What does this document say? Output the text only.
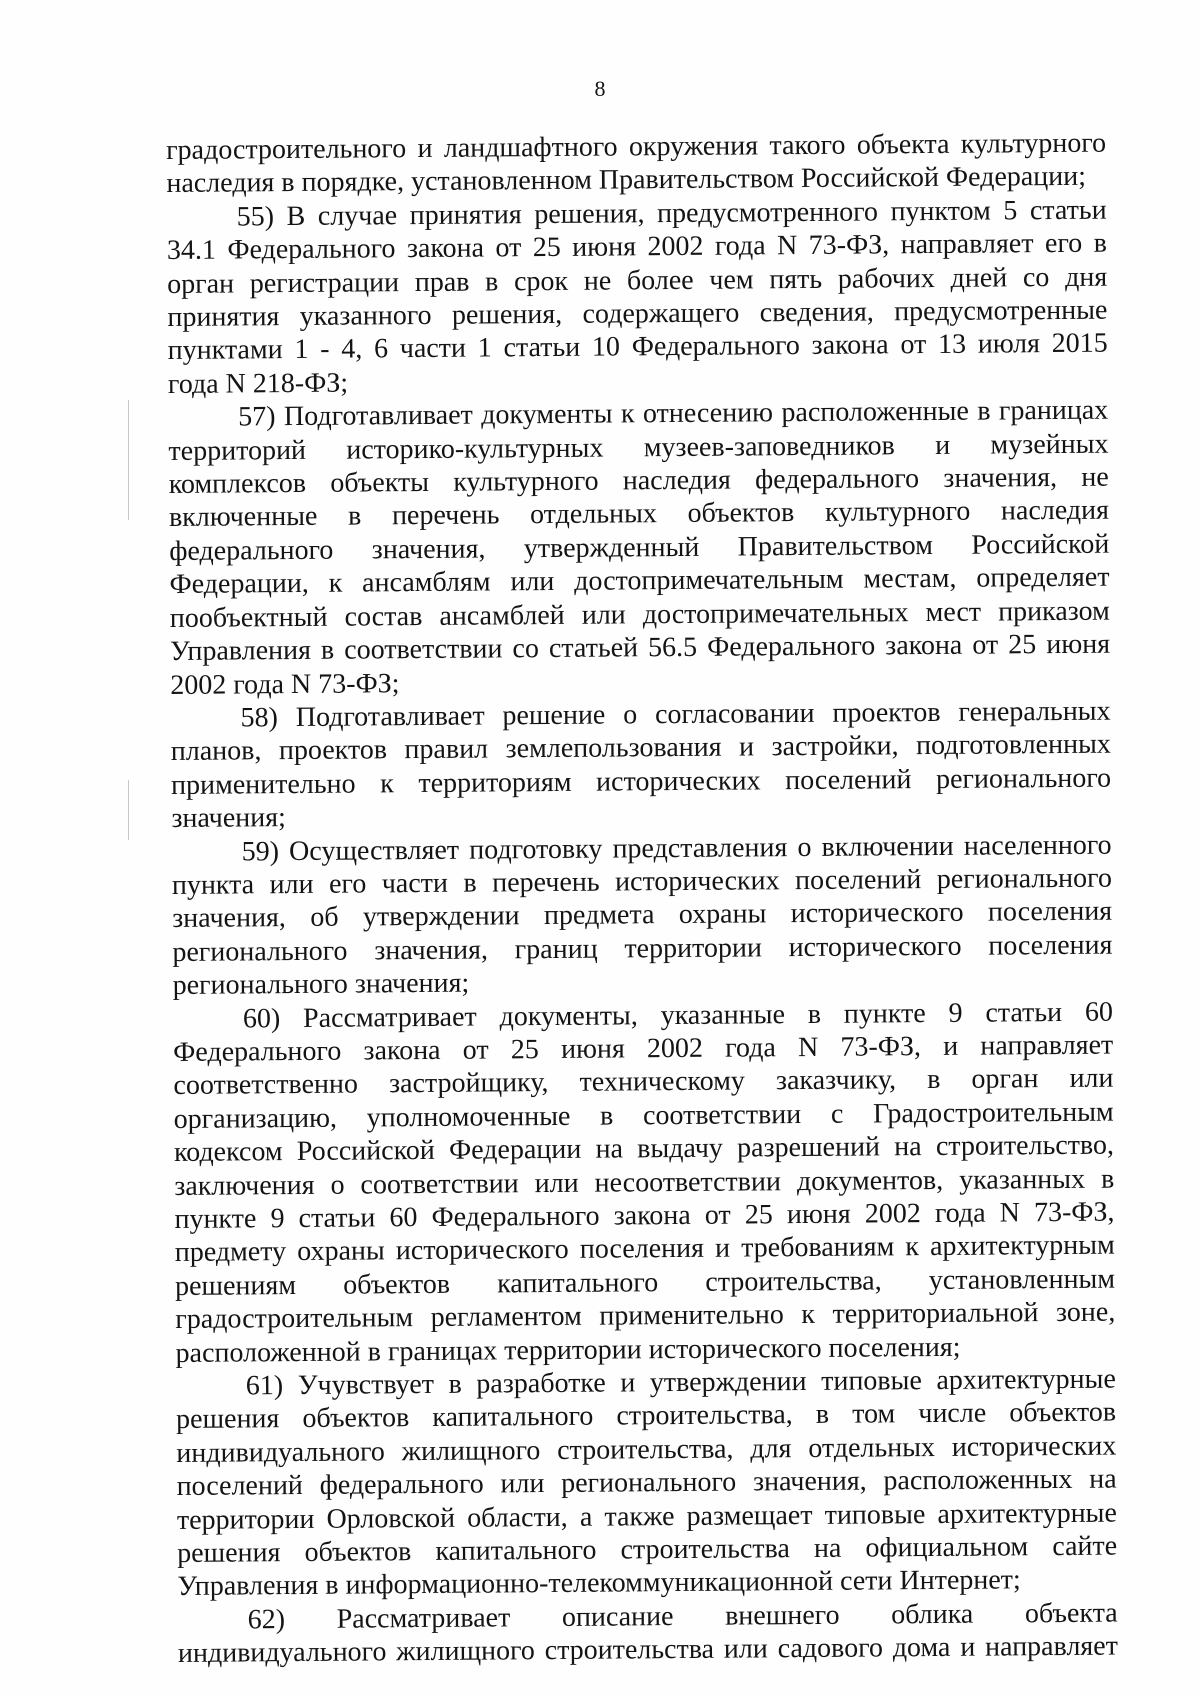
8
градостроительного и ландшафтного окружения такого объекта культурного
наследия в порядке, установленном Правительством Российской Федерации;
55) В случае принятия решения, предусмотренного пунктом 5 статьи
34.1 Федерального закона от 25 июня 2002 года N 73-ФЗ, направляет его в
орган регистрации прав в срок не более чем пять рабочих дней со дня
принятия указанного решения, содержащего сведения, предусмотренные
пунктами 1 - 4, 6 части 1 статьи 10 Федерального закона от 13 июля 2015
года N 218-ФЗ;
57) Подготавливает документы к отнесению расположенные в границах
территорий историко-культурных музеев-заповедников и музейных
комплексов объекты культурного наследия федерального значения, не
включенные в перечень отдельных объектов культурного наследия
федерального значения, утвержденный Правительством Российской
Федерации, к ансамблям или достопримечательным местам, определяет
пообъектный состав ансамблей или достопримечательных мест приказом
Управления в соответствии со статьей 56.5 Федерального закона от 25 июня
2002 года N 73-ФЗ;
58) Подготавливает решение о согласовании проектов генеральных
планов, проектов правил землепользования и застройки, подготовленных
применительно к территориям исторических поселений регионального
значения;
59) Осуществляет подготовку представления о включении населенного
пункта или его части в перечень исторических поселений регионального
значения, об утверждении предмета охраны исторического поселения
регионального значения, границ территории исторического поселения
регионального значения;
60) Рассматривает документы, указанные в пункте 9 статьи 60
Федерального закона от 25 июня 2002 года N 73-ФЗ, и направляет
соответственно застройщику, техническому заказчику, в орган или
организацию, уполномоченные в соответствии с Градостроительным
кодексом Российской Федерации на выдачу разрешений на строительство,
заключения о соответствии или несоответствии документов, указанных в
пункте 9 статьи 60 Федерального закона от 25 июня 2002 года N 73-ФЗ,
предмету охраны исторического поселения и требованиям к архитектурным
решениям объектов капитального строительства, установленным
градостроительным регламентом применительно к территориальной зоне,
расположенной в границах территории исторического поселения;
61) Учувствует в разработке и утверждении типовые архитектурные
решения объектов капитального строительства, в том числе объектов
индивидуального жилищного строительства, для отдельных исторических
поселений федерального или регионального значения, расположенных на
территории Орловской области, а также размещает типовые архитектурные
решения объектов капитального строительства на официальном сайте
Управления в информационно-телекоммуникационной сети Интернет;
62) Рассматривает описание внешнего облика объекта
индивидуального жилищного строительства или садового дома и направляет
